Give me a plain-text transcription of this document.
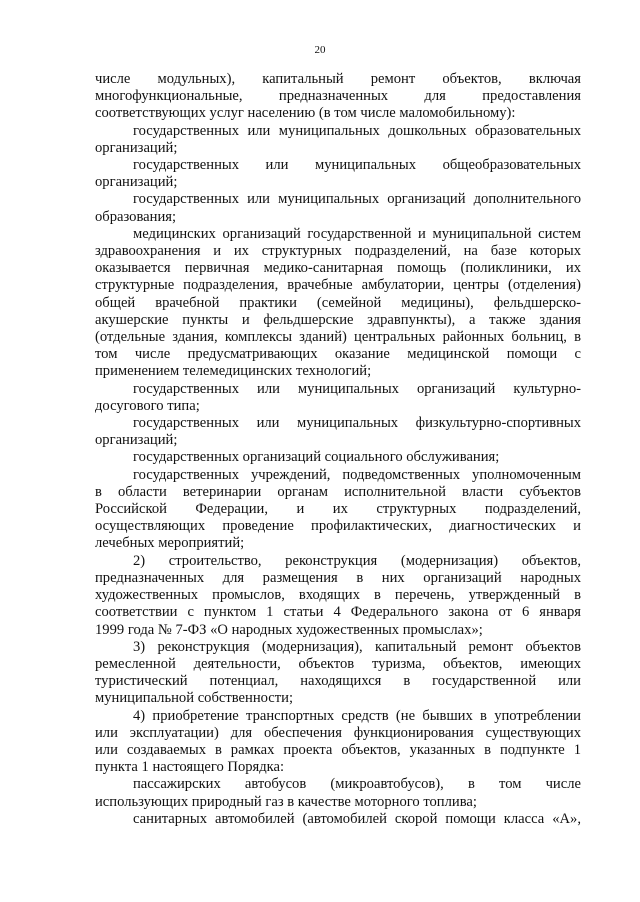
20
числе модульных), капитальный ремонт объектов, включая
многофункциональные, предназначенных для предоставления
соответствующих услуг населению (в том числе маломобильному):
государственных или муниципальных дошкольных образовательных
организаций;
государственных или муниципальных общеобразовательных
организаций;
государственных или муниципальных организаций дополнительного
образования;
медицинских организаций государственной и муниципальной систем
здравоохранения и их структурных подразделений, на базе которых
оказывается первичная медико-санитарная помощь (поликлиники, их
структурные подразделения, врачебные амбулатории, центры (отделения)
общей врачебной практики (семейной медицины), фельдшерско-
акушерские пункты и фельдшерские здравпункты), а также здания
(отдельные здания, комплексы зданий) центральных районных больниц, в
том числе предусматривающих оказание медицинской помощи с
применением телемедицинских технологий;
государственных или муниципальных организаций культурно-
досугового типа;
государственных или муниципальных физкультурно-спортивных
организаций;
государственных организаций социального обслуживания;
государственных учреждений, подведомственных уполномоченным
в области ветеринарии органам исполнительной власти субъектов
Российской Федерации, и их структурных подразделений,
осуществляющих проведение профилактических, диагностических и
лечебных мероприятий;
2) строительство, реконструкция (модернизация) объектов,
предназначенных для размещения в них организаций народных
художественных промыслов, входящих в перечень, утвержденный в
соответствии с пунктом 1 статьи 4 Федерального закона от 6 января
1999 года № 7-ФЗ «О народных художественных промыслах»;
3) реконструкция (модернизация), капитальный ремонт объектов
ремесленной деятельности, объектов туризма, объектов, имеющих
туристический потенциал, находящихся в государственной или
муниципальной собственности;
4) приобретение транспортных средств (не бывших в употреблении
или эксплуатации) для обеспечения функционирования существующих
или создаваемых в рамках проекта объектов, указанных в подпункте 1
пункта 1 настоящего Порядка:
пассажирских автобусов (микроавтобусов), в том числе
использующих природный газ в качестве моторного топлива;
санитарных автомобилей (автомобилей скорой помощи класса «А»,
